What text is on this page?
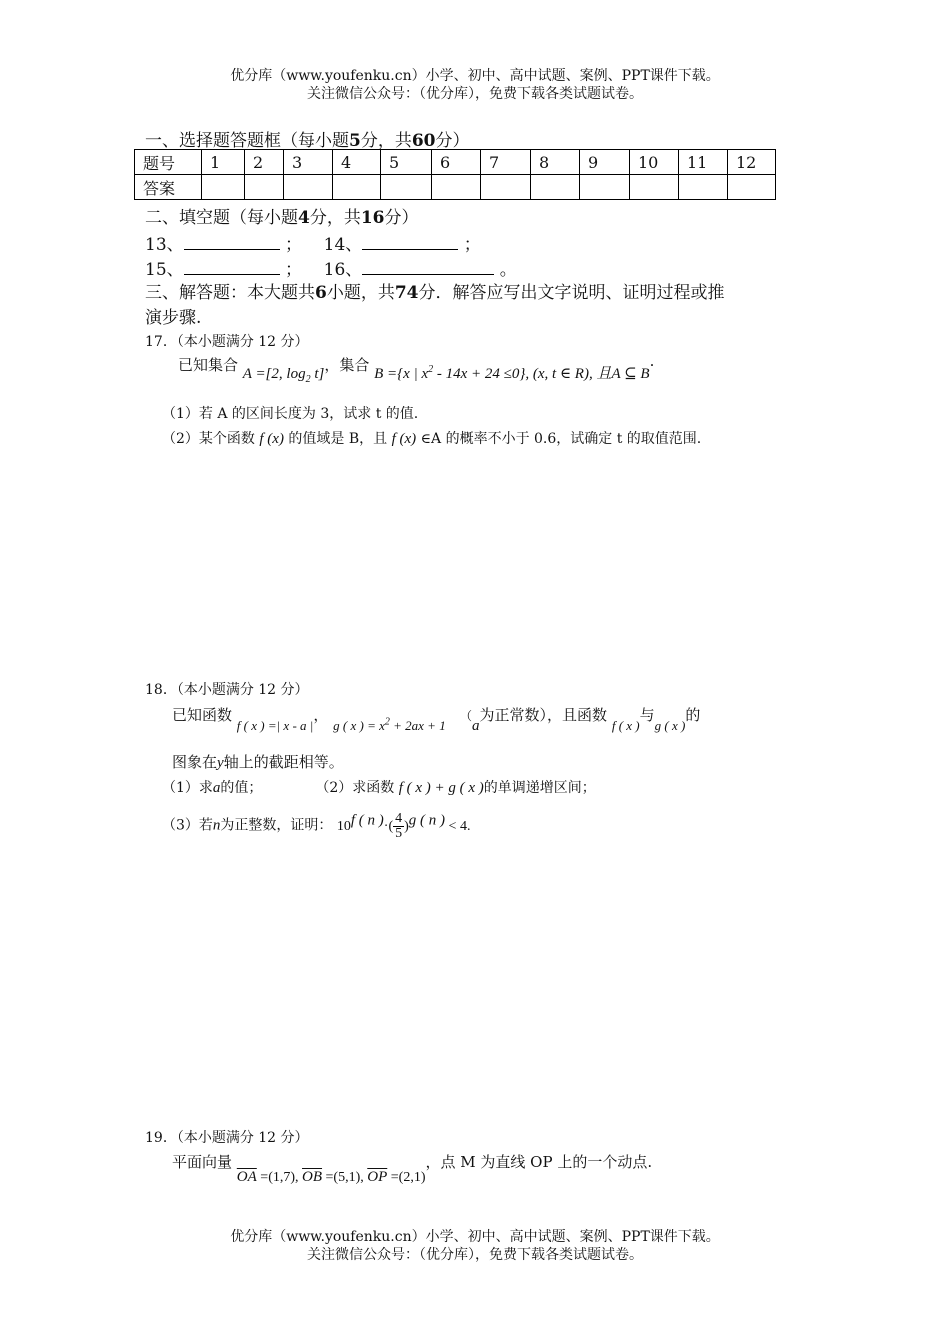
优分库（www.youfenku.cn）小学、初中、高中试题、案例、PPT课件下载。
关注微信公众号：（优分库），免费下载各类试题试卷。
一、选择题答题框（每小题5分，共60分）
题号	1	2	3	4	5	6	7	8	9	10	11	12
答案												
二、填空题（每小题4分，共16分）
13、	； 14、	；
15、	； 16、	。
三、解答题：本大题共6小题，共74分．解答应写出文字说明、证明过程或推
演步骤.
17．（本小题满分 12 分）
已知集合 A =[2, $\log_2 t$]，集合 B ={x | $x^2 - 14x + 24 \le 0$}, (x, t ∈ R), 且A ⊆ B·
（1）若 A 的区间长度为 3，试求 t 的值.
（2）某个函数 f (x) 的值域是 B，且 f (x) ∈A 的概率不小于 0.6，试确定 t 的取值范围.
18．（本小题满分 12 分）
已知函数 f ( x ) =| x - a |， g ( x ) = $x^2 + 2ax + 1$   （a为正常数），且函数 f ( x )与g ( x )的
图象在y轴上的截距相等。
（1）求a的值；	（2）求函数 f ( x ) + g ( x )的单调递增区间；
（3）若n为正整数，证明： $10^{f ( n )}\cdot( \frac{4}{5} )^{g ( n )} < 4$.
19．（本小题满分 12 分）
平面向量 $\overline{OA} =(1,7)$, $\overline{OB} =(5,1)$, $\overline{OP} =(2,1)$，点 M 为直线 OP 上的一个动点.
优分库（www.youfenku.cn）小学、初中、高中试题、案例、PPT课件下载。
关注微信公众号：（优分库），免费下载各类试题试卷。
